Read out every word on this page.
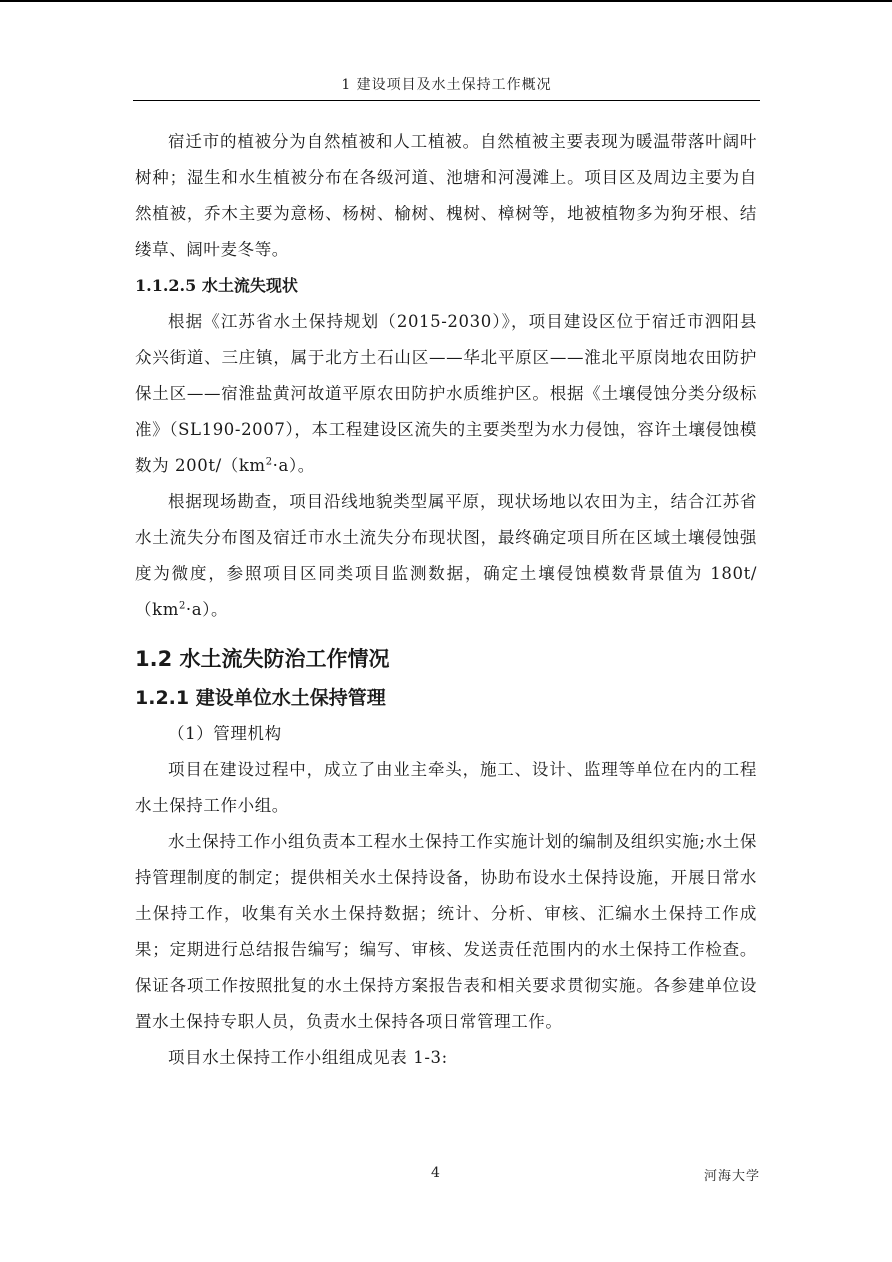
1 建设项目及水土保持工作概况

宿迁市的植被分为自然植被和人工植被。自然植被主要表现为暖温带落叶阔叶树种；湿生和水生植被分布在各级河道、池塘和河漫滩上。项目区及周边主要为自然植被，乔木主要为意杨、杨树、榆树、槐树、樟树等，地被植物多为狗牙根、结缕草、阔叶麦冬等。

1.1.2.5 水土流失现状

根据《江苏省水土保持规划（2015-2030）》，项目建设区位于宿迁市泗阳县众兴街道、三庄镇，属于北方土石山区——华北平原区——淮北平原岗地农田防护保土区——宿淮盐黄河故道平原农田防护水质维护区。根据《土壤侵蚀分类分级标准》（SL190-2007），本工程建设区流失的主要类型为水力侵蚀，容许土壤侵蚀模数为 $200t/(km^2\cdot a)$。

根据现场勘查，项目沿线地貌类型属平原，现状场地以农田为主，结合江苏省水土流失分布图及宿迁市水土流失分布现状图，最终确定项目所在区域土壤侵蚀强度为微度，参照项目区同类项目监测数据，确定土壤侵蚀模数背景值为 $180t/(km^2\cdot a)$。

1.2 水土流失防治工作情况
1.2.1 建设单位水土保持管理

（1）管理机构

项目在建设过程中，成立了由业主牵头，施工、设计、监理等单位在内的工程水土保持工作小组。

水土保持工作小组负责本工程水土保持工作实施计划的编制及组织实施;水土保持管理制度的制定；提供相关水土保持设备，协助布设水土保持设施，开展日常水土保持工作，收集有关水土保持数据；统计、分析、审核、汇编水土保持工作成果；定期进行总结报告编写；编写、审核、发送责任范围内的水土保持工作检查。保证各项工作按照批复的水土保持方案报告表和相关要求贯彻实施。各参建单位设置水土保持专职人员，负责水土保持各项日常管理工作。

项目水土保持工作小组组成见表 1-3:

4	河海大学
